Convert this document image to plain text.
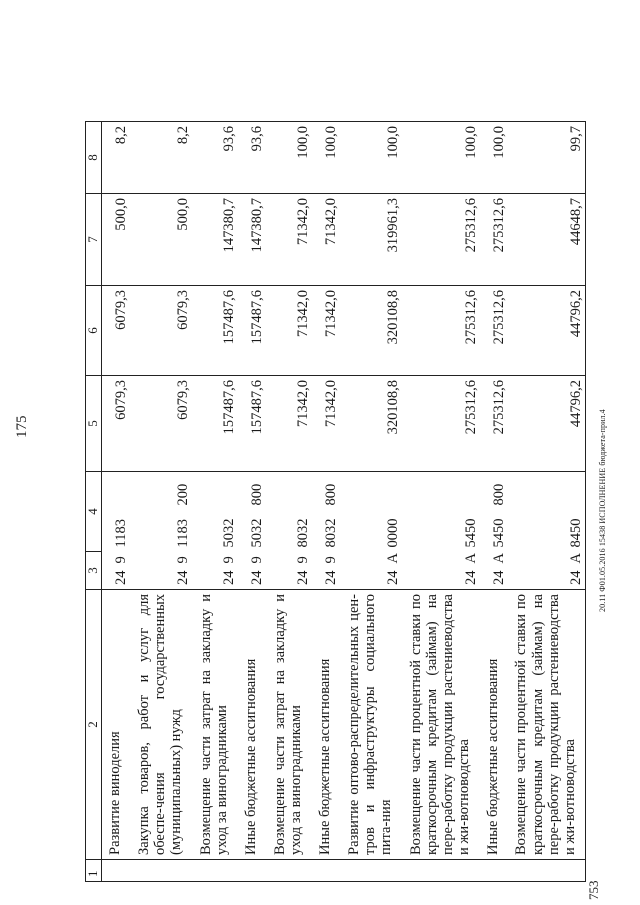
175
1	2	3		4		5	6	7	8
	Развитие виноделия	24	9	1183		6079,3	6079,3	500,0	8,2
	Закупка товаров, работ и услуг для обеспе-чения государственных (муниципальных) нужд	24	9	1183	200	6079,3	6079,3	500,0	8,2
	Возмещение части затрат на закладку и уход за виноградниками	24	9	5032		157487,6	157487,6	147380,7	93,6
	Иные бюджетные ассигнования	24	9	5032	800	157487,6	157487,6	147380,7	93,6
	Возмещение части затрат на закладку и уход за виноградниками	24	9	8032		71342,0	71342,0	71342,0	100,0
	Иные бюджетные ассигнования	24	9	8032	800	71342,0	71342,0	71342,0	100,0
	Развитие оптово-распределительных цен-тров и инфраструктуры социального пита-ния	24	А	0000		320108,8	320108,8	319961,3	100,0
	Возмещение части процентной ставки по краткосрочным кредитам (займам) на пере-работку продукции растениеводства и жи-вотноводства	24	А	5450		275312,6	275312,6	275312,6	100,0
	Иные бюджетные ассигнования	24	А	5450	800	275312,6	275312,6	275312,6	100,0
	Возмещение части процентной ставки по краткосрочным кредитам (займам) на пере-работку продукции растениеводства и жи-вотноводства	24	А	8450		44796,2	44796,2	44648,7	99,7
20.11 Ф01.05.2016 15438 ИСПОЛНЕНИЕ бюджета-прил.4
753
